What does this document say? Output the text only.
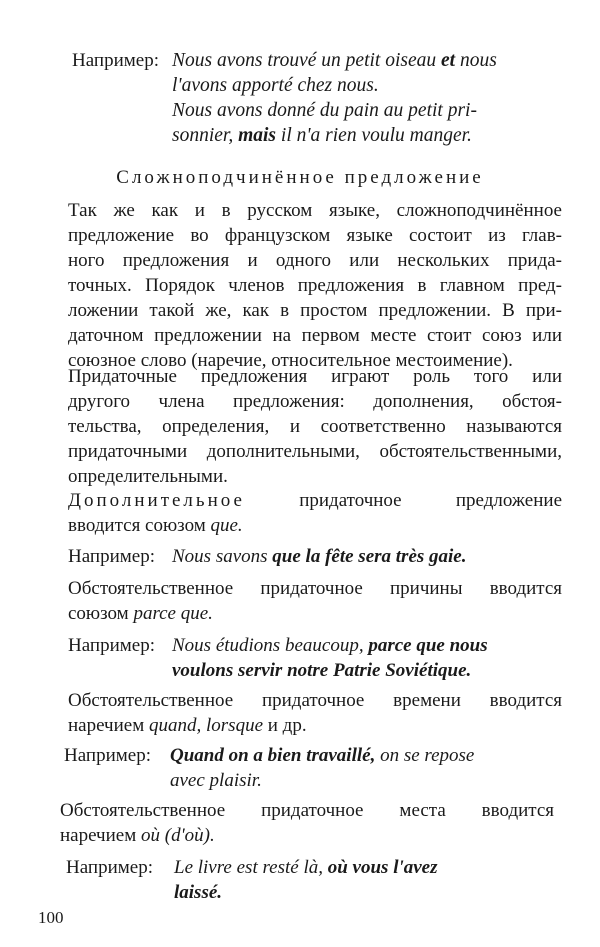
Например: Nous avons trouvé un petit oiseau et nous
l'avons apporté chez nous.
Nous avons donné du pain au petit pri-
sonnier, mais il n'a rien voulu manger.
Сложноподчинённое предложение
Так же как и в русском языке, сложноподчинённое
предложение во французском языке состоит из глав-
ного предложения и одного или нескольких прида-
точных. Порядок членов предложения в главном пред-
ложении такой же, как в простом предложении. В при-
даточном предложении на первом месте стоит союз или
союзное слово (наречие, относительное местоимение).
Придаточные предложения играют роль того или
другого члена предложения: дополнения, обстоя-
тельства, определения, и соответственно называются
придаточными дополнительными, обстоятельственными,
определительными.
Дополнительное	придаточное	предложение
вводится союзом que.
Например: Nous savons que la fête sera très gaie.
Обстоятельственное придаточное причины вводится
союзом parce que.
Например: Nous étudions beaucoup, parce que nous
voulons servir notre Patrie Soviétique.
Обстоятельственное придаточное времени вводится
наречием quand, lorsque и др.
Например: Quand on a bien travaillé, on se repose
avec plaisir.
Обстоятельственное придаточное места вводится
наречием où (d'où).
Например: Le livre est resté là, où vous l'avez
laissé.
100
